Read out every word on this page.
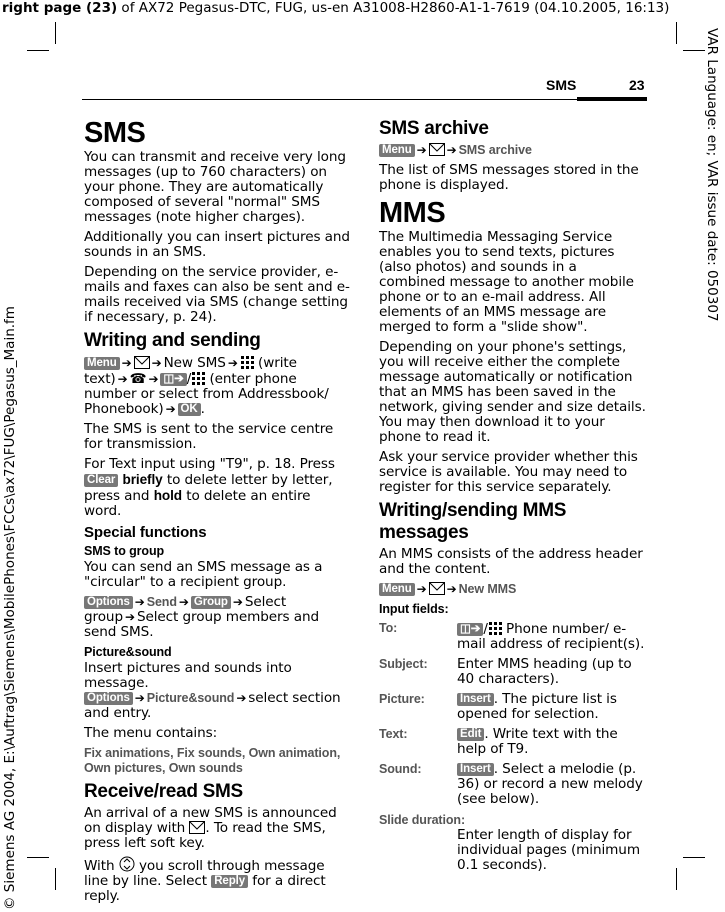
right page (23) of AX72 Pegasus-DTC, FUG, us-en A31008-H2860-A1-1-7619 (04.10.2005, 16:13)
VAR Language: en; VAR issue date: 050307
© Siemens AG 2004, E:\Auftrag\Siemens\MobilePhones\FCCs\ax72\FUG\Pegasus_Main.fm
SMS	23
SMS

You can transmit and receive very long messages (up to 760 characters) on your phone. They are automatically composed of several "normal" SMS messages (note higher charges).

Additionally you can insert pictures and sounds in an SMS.

Depending on the service provider, e-mails and faxes can also be sent and e-mails received via SMS (change setting if necessary, p. 24).

Writing and sending

Menu ➔ ➔ New SMS ➔ (write text) ➔ ☎ ➔ ◫➔ / (enter phone number or select from Addressbook/ Phonebook) ➔ OK .

The SMS is sent to the service centre for transmission.

For Text input using "T9", p. 18. Press Clear briefly to delete letter by letter, press and hold to delete an entire word.

Special functions
SMS to group

You can send an SMS message as a "circular" to a recipient group.

Options ➔ Send ➔ Group ➔ Select group ➔ Select group members and send SMS.

Picture&sound
Insert pictures and sounds into message.

Options ➔ Picture&sound ➔ select section and entry.

The menu contains:

Fix animations, Fix sounds, Own animation, Own pictures, Own sounds

Receive/read SMS

An arrival of a new SMS is announced on display with . To read the SMS, press left soft key.

With you scroll through message line by line. Select Reply for a direct reply.

SMS archive

Menu ➔ ➔ SMS archive

The list of SMS messages stored in the phone is displayed.

MMS

The Multimedia Messaging Service enables you to send texts, pictures (also photos) and sounds in a combined message to another mobile phone or to an e-mail address. All elements of an MMS message are merged to form a "slide show".

Depending on your phone's settings, you will receive either the complete message automatically or notification that an MMS has been saved in the network, giving sender and size details. You may then download it to your phone to read it.

Ask your service provider whether this service is available. You may need to register for this service separately.

Writing/sending MMS messages

An MMS consists of the address header and the content.

Menu ➔ ➔ New MMS

Input fields:
To:	◫➔ / Phone number/ e-mail address of recipient(s).
Subject:	Enter MMS heading (up to 40 characters).
Picture:	Insert . The picture list is opened for selection.
Text:	Edit . Write text with the help of T9.
Sound:	Insert . Select a melodie (p. 36) or record a new melody (see below).
Slide duration:
Enter length of display for individual pages (minimum 0.1 seconds).
